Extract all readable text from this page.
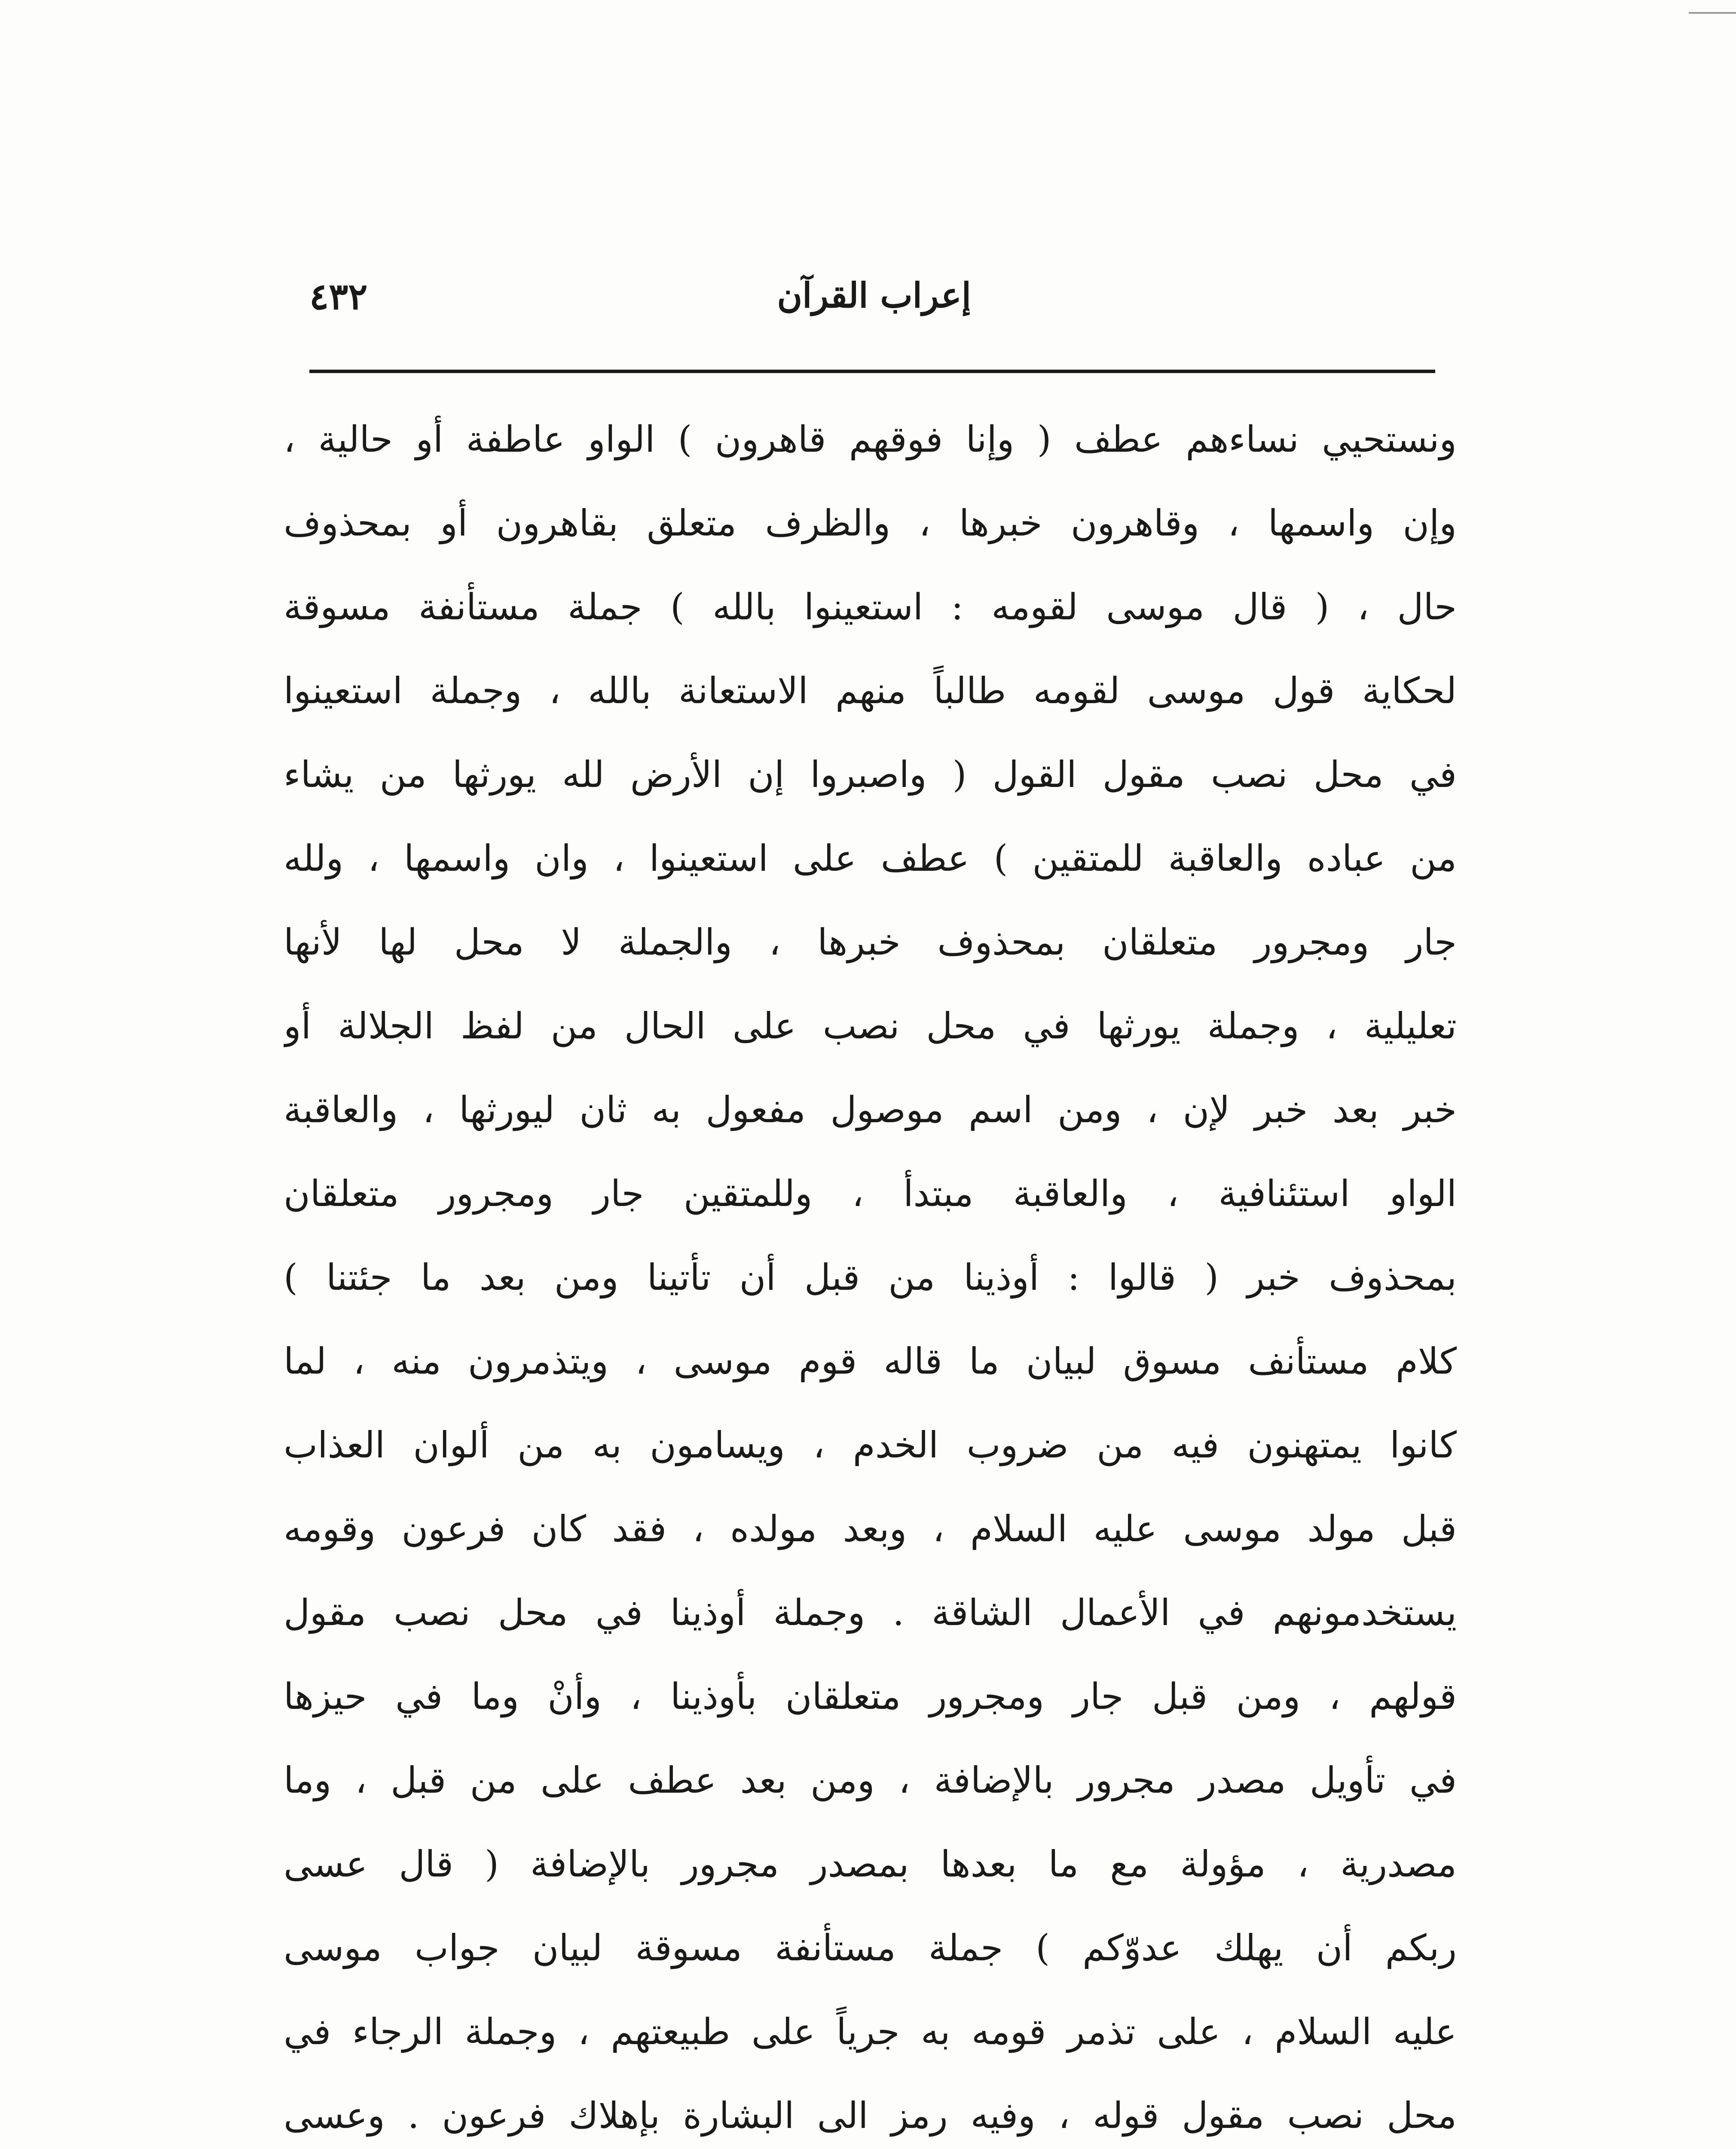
٤٣٢	إعراب القرآن
ونستحيي نساءهم عطف ( وإنا فوقهم قاهرون ) الواو عاطفة أو حالية ،
وإن واسمها ، وقاهرون خبرها ، والظرف متعلق بقاهرون أو بمحذوف
حال ، ( قال موسى لقومه : استعينوا بالله ) جملة مستأنفة مسوقة
لحكاية قول موسى لقومه طالباً منهم الاستعانة بالله ، وجملة استعينوا
في محل نصب مقول القول ( واصبروا إن الأرض لله يورثها من يشاء
من عباده والعاقبة للمتقين ) عطف على استعينوا ، وان واسمها ، ولله
جار ومجرور متعلقان بمحذوف خبرها ، والجملة لا محل لها لأنها
تعليلية ، وجملة يورثها في محل نصب على الحال من لفظ الجلالة أو
خبر بعد خبر لإن ، ومن اسم موصول مفعول به ثان ليورثها ، والعاقبة
الواو استئنافية ، والعاقبة مبتدأ ، وللمتقين جار ومجرور متعلقان
بمحذوف خبر ( قالوا : أوذينا من قبل أن تأتينا ومن بعد ما جئتنا )
كلام مستأنف مسوق لبيان ما قاله قوم موسى ، ويتذمرون منه ، لما
كانوا يمتهنون فيه من ضروب الخدم ، ويسامون به من ألوان العذاب
قبل مولد موسى عليه السلام ، وبعد مولده ، فقد كان فرعون وقومه
يستخدمونهم في الأعمال الشاقة . وجملة أوذينا في محل نصب مقول
قولهم ، ومن قبل جار ومجرور متعلقان بأوذينا ، وأنْ وما في حيزها
في تأويل مصدر مجرور بالإضافة ، ومن بعد عطف على من قبل ، وما
مصدرية ، مؤولة مع ما بعدها بمصدر مجرور بالإضافة ( قال عسى
ربكم أن يهلك عدوّكم ) جملة مستأنفة مسوقة لبيان جواب موسى
عليه السلام ، على تذمر قومه به جرياً على طبيعتهم ، وجملة الرجاء في
محل نصب مقول قوله ، وفيه رمز الى البشارة بإهلاك فرعون . وعسى
